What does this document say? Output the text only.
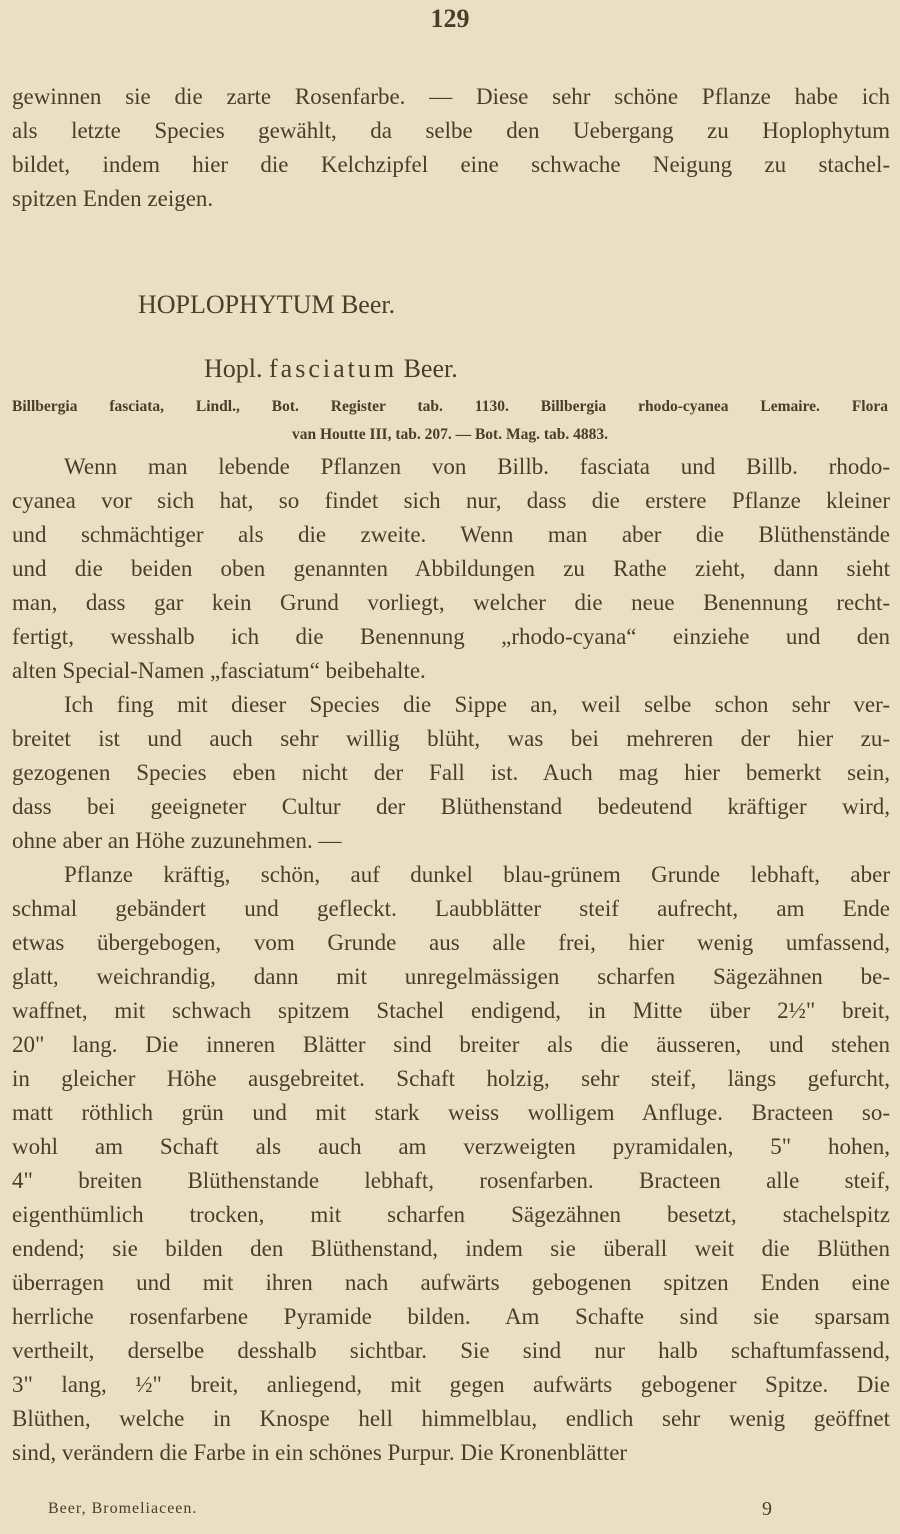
129
gewinnen sie die zarte Rosenfarbe. — Diese sehr schöne Pflanze habe ich
als letzte Species gewählt, da selbe den Uebergang zu Hoplophytum
bildet, indem hier die Kelchzipfel eine schwache Neigung zu stachel-
spitzen Enden zeigen.
HOPLOPHYTUM Beer.
Hopl. fasciatum Beer.
Billbergia fasciata, Lindl., Bot. Register tab. 1130. Billbergia rhodo-cyanea Lemaire. Flora
van Houtte III, tab. 207. — Bot. Mag. tab. 4883.
Wenn man lebende Pflanzen von Billb. fasciata und Billb. rhodo-
cyanea vor sich hat, so findet sich nur, dass die erstere Pflanze kleiner
und schmächtiger als die zweite. Wenn man aber die Blüthenstände
und die beiden oben genannten Abbildungen zu Rathe zieht, dann sieht
man, dass gar kein Grund vorliegt, welcher die neue Benennung recht-
fertigt, wesshalb ich die Benennung „rhodo-cyana“ einziehe und den
alten Special-Namen „fasciatum“ beibehalte.
Ich fing mit dieser Species die Sippe an, weil selbe schon sehr ver-
breitet ist und auch sehr willig blüht, was bei mehreren der hier zu-
gezogenen Species eben nicht der Fall ist. Auch mag hier bemerkt sein,
dass bei geeigneter Cultur der Blüthenstand bedeutend kräftiger wird,
ohne aber an Höhe zuzunehmen. —
Pflanze kräftig, schön, auf dunkel blau-grünem Grunde lebhaft, aber
schmal gebändert und gefleckt. Laubblätter steif aufrecht, am Ende
etwas übergebogen, vom Grunde aus alle frei, hier wenig umfassend,
glatt, weichrandig, dann mit unregelmässigen scharfen Sägezähnen be-
waffnet, mit schwach spitzem Stachel endigend, in Mitte über 2½" breit,
20" lang. Die inneren Blätter sind breiter als die äusseren, und stehen
in gleicher Höhe ausgebreitet. Schaft holzig, sehr steif, längs gefurcht,
matt röthlich grün und mit stark weiss wolligem Anfluge. Bracteen so-
wohl am Schaft als auch am verzweigten pyramidalen, 5" hohen,
4" breiten Blüthenstande lebhaft, rosenfarben. Bracteen alle steif,
eigenthümlich trocken, mit scharfen Sägezähnen besetzt, stachelspitz
endend; sie bilden den Blüthenstand, indem sie überall weit die Blüthen
überragen und mit ihren nach aufwärts gebogenen spitzen Enden eine
herrliche rosenfarbene Pyramide bilden. Am Schafte sind sie sparsam
vertheilt, derselbe desshalb sichtbar. Sie sind nur halb schaftumfassend,
3" lang, ½" breit, anliegend, mit gegen aufwärts gebogener Spitze. Die
Blüthen, welche in Knospe hell himmelblau, endlich sehr wenig geöffnet
sind, verändern die Farbe in ein schönes Purpur. Die Kronenblätter
Beer, Bromeliaceen.	9
